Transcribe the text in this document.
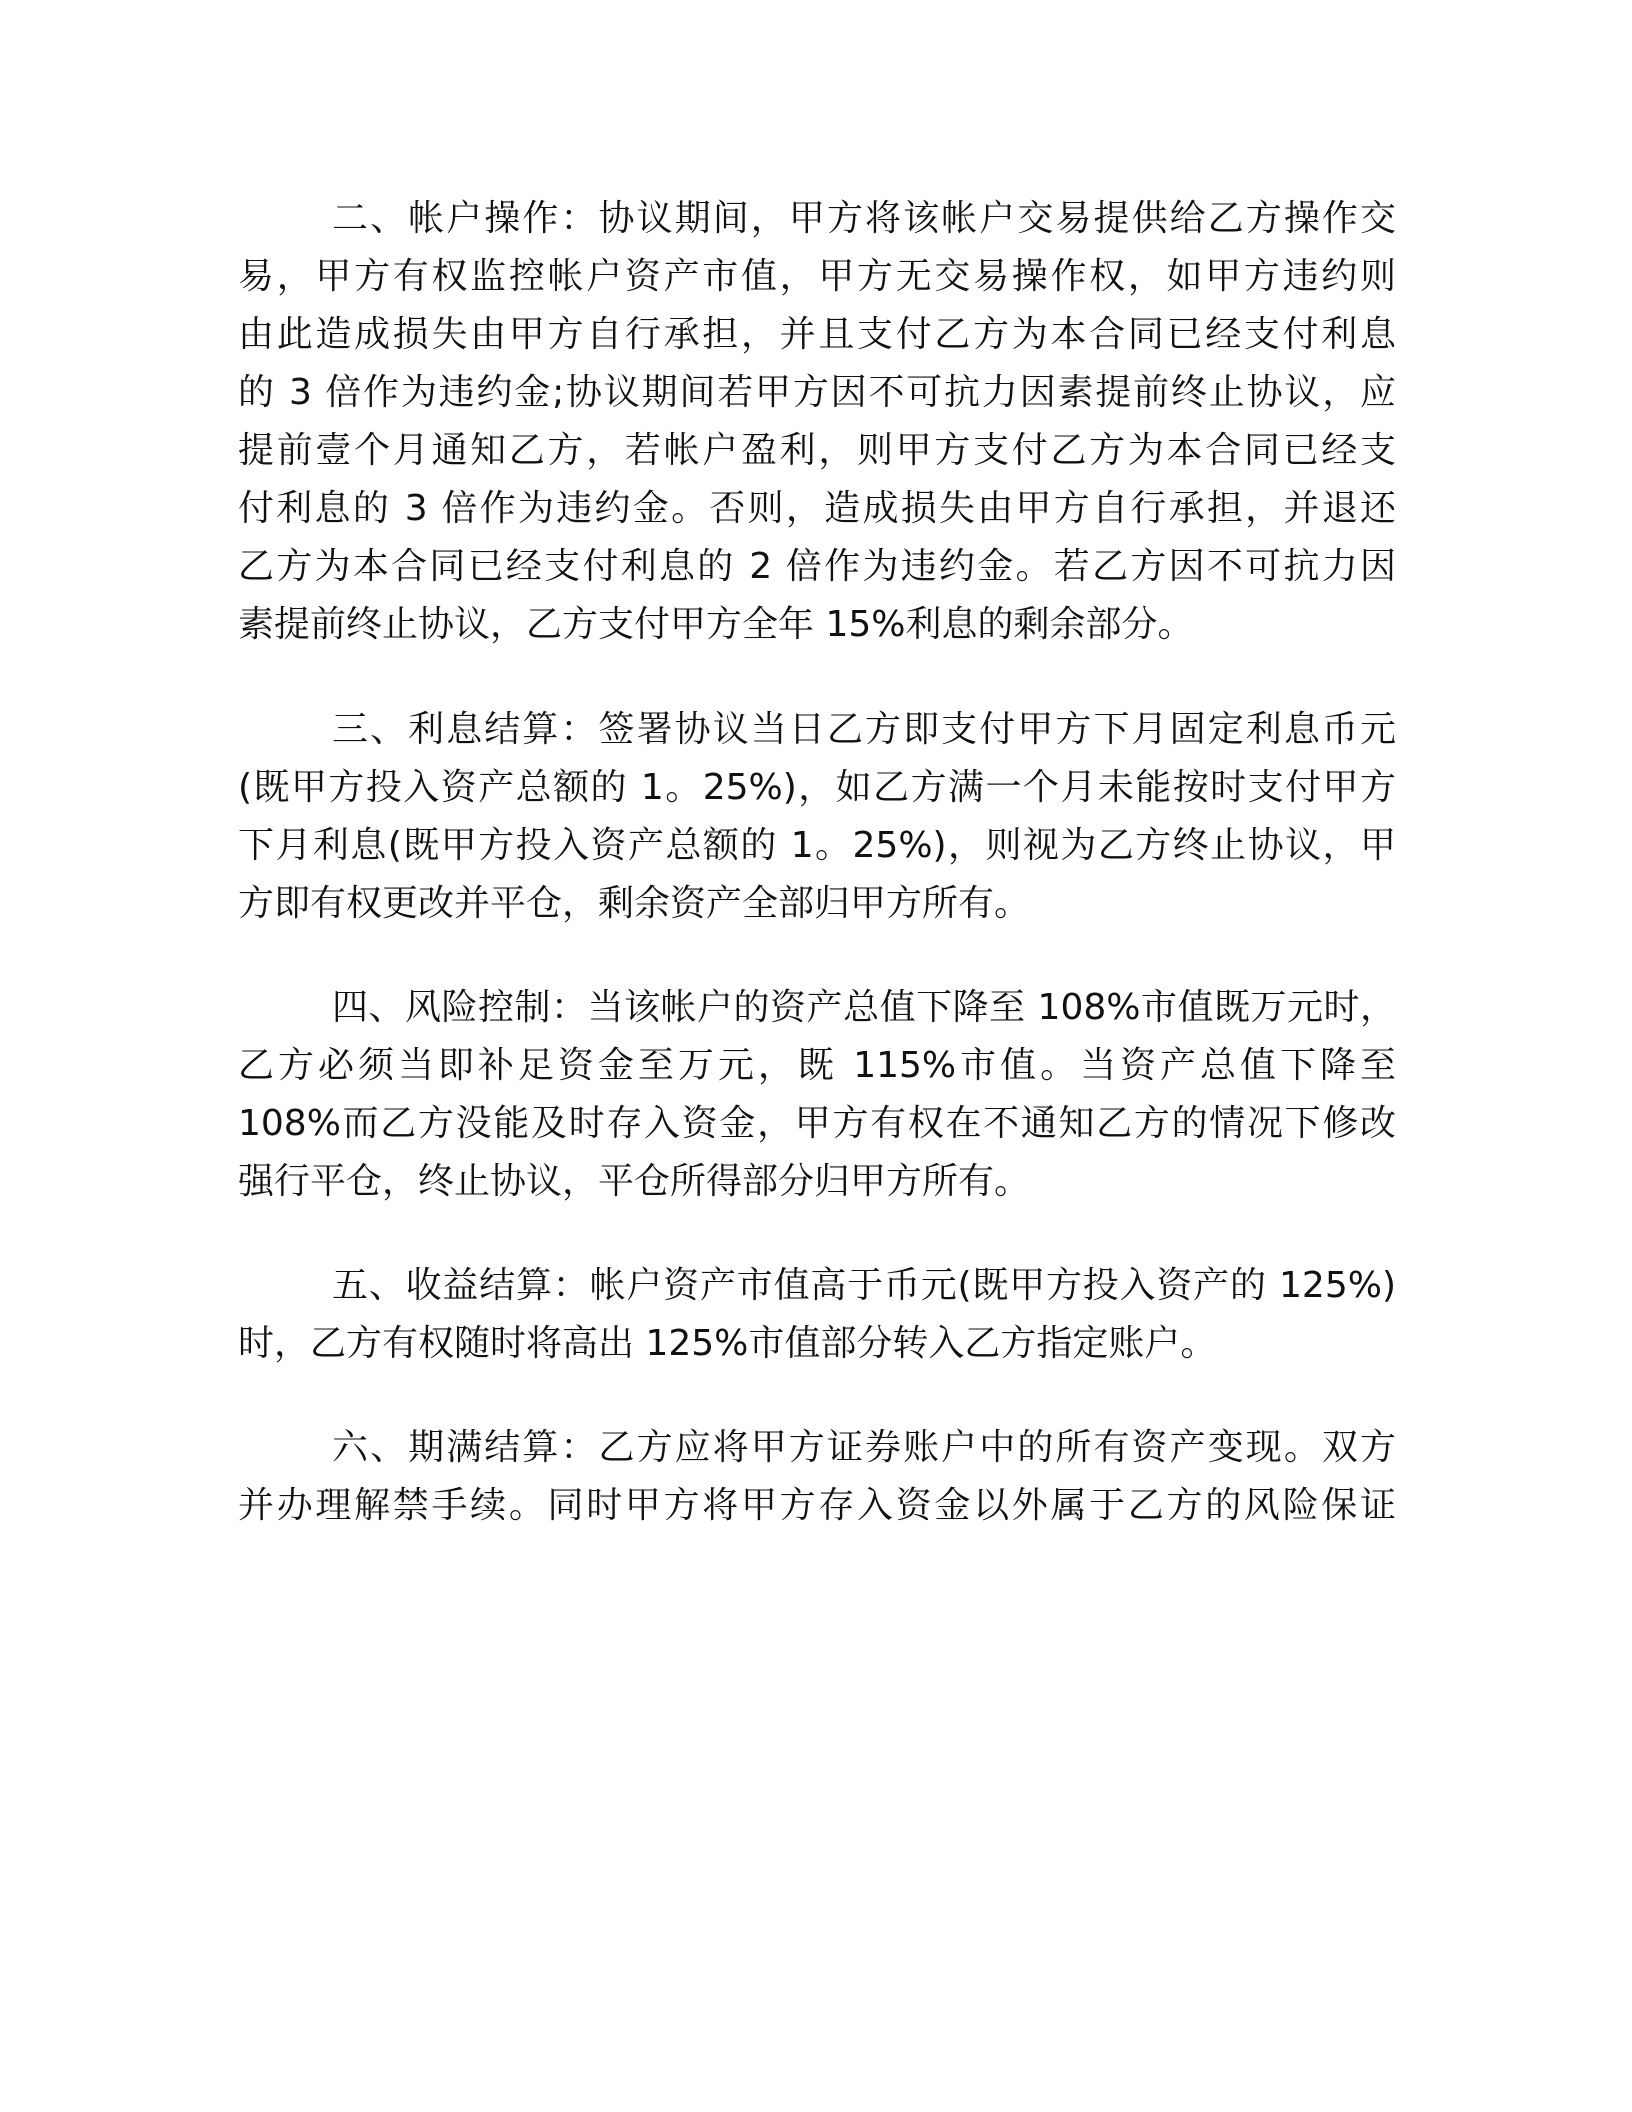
二、帐户操作：协议期间，甲方将该帐户交易提供给乙方操作交
易，甲方有权监控帐户资产市值，甲方无交易操作权，如甲方违约则
由此造成损失由甲方自行承担，并且支付乙方为本合同已经支付利息
的 3 倍作为违约金;协议期间若甲方因不可抗力因素提前终止协议，应
提前壹个月通知乙方，若帐户盈利，则甲方支付乙方为本合同已经支
付利息的 3 倍作为违约金。否则，造成损失由甲方自行承担，并退还
乙方为本合同已经支付利息的 2 倍作为违约金。若乙方因不可抗力因
素提前终止协议，乙方支付甲方全年 15%利息的剩余部分。
三、利息结算：签署协议当日乙方即支付甲方下月固定利息币元
(既甲方投入资产总额的 1。25%)，如乙方满一个月未能按时支付甲方
下月利息(既甲方投入资产总额的 1。25%)，则视为乙方终止协议，甲
方即有权更改并平仓，剩余资产全部归甲方所有。
四、风险控制：当该帐户的资产总值下降至 108%市值既万元时，
乙方必须当即补足资金至万元，既 115%市值。当资产总值下降至
108%而乙方没能及时存入资金，甲方有权在不通知乙方的情况下修改
强行平仓，终止协议，平仓所得部分归甲方所有。
五、收益结算：帐户资产市值高于币元(既甲方投入资产的 125%)
时，乙方有权随时将高出 125%市值部分转入乙方指定账户。
六、期满结算：乙方应将甲方证券账户中的所有资产变现。双方
并办理解禁手续。同时甲方将甲方存入资金以外属于乙方的风险保证
